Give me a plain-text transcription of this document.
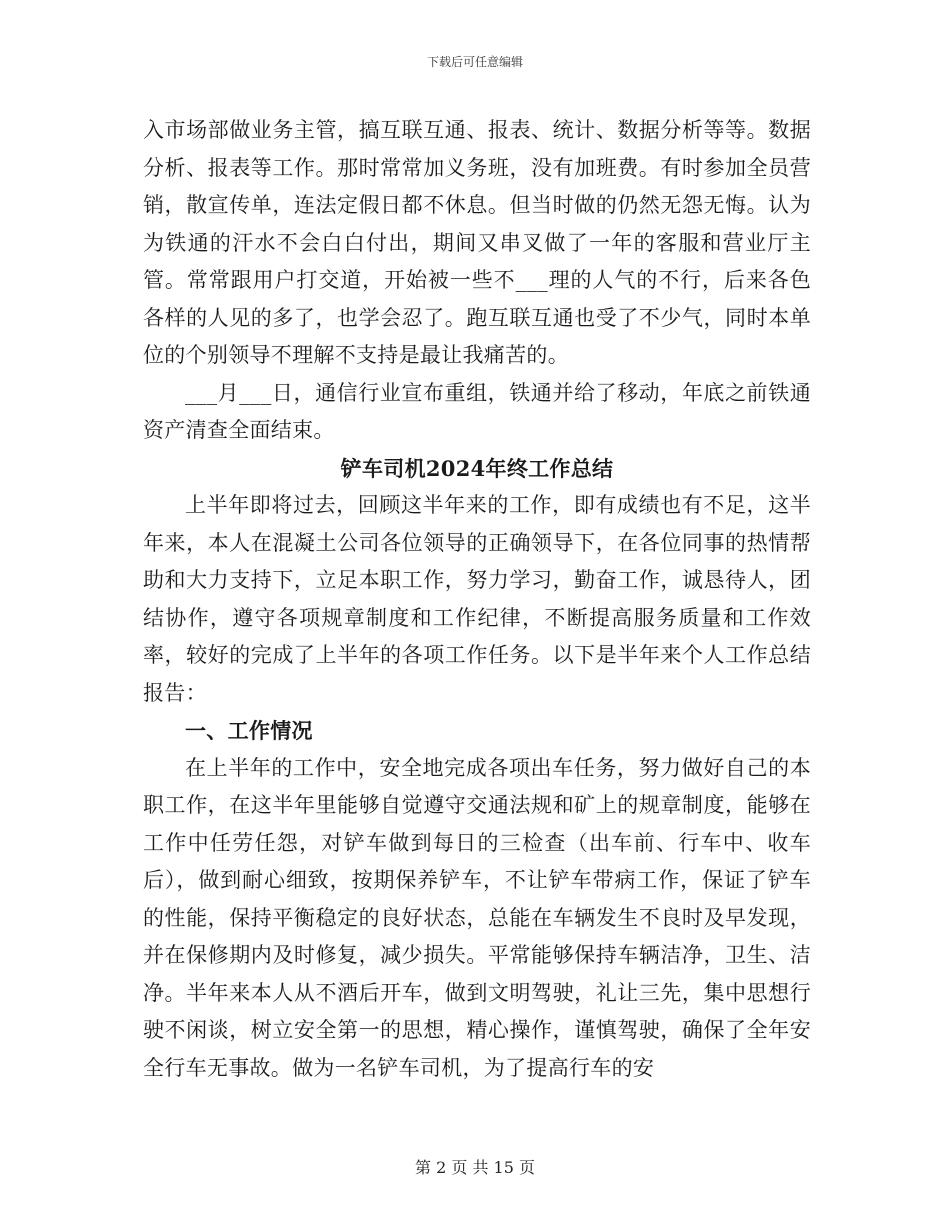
下载后可任意编辑

入市场部做业务主管，搞互联互通、报表、统计、数据分析等等。数据分析、报表等工作。那时常常加义务班，没有加班费。有时参加全员营销，散宣传单，连法定假日都不休息。但当时做的仍然无怨无悔。认为为铁通的汗水不会白白付出，期间又串叉做了一年的客服和营业厅主管。常常跟用户打交道，开始被一些不___理的人气的不行，后来各色各样的人见的多了，也学会忍了。跑互联互通也受了不少气，同时本单位的个别领导不理解不支持是最让我痛苦的。

___月___日，通信行业宣布重组，铁通并给了移动，年底之前铁通资产清查全面结束。

铲车司机2024年终工作总结

上半年即将过去，回顾这半年来的工作，即有成绩也有不足，这半年来，本人在混凝土公司各位领导的正确领导下，在各位同事的热情帮助和大力支持下，立足本职工作，努力学习，勤奋工作，诚恳待人，团结协作，遵守各项规章制度和工作纪律，不断提高服务质量和工作效率，较好的完成了上半年的各项工作任务。以下是半年来个人工作总结报告：

一、工作情况

在上半年的工作中，安全地完成各项出车任务，努力做好自己的本职工作，在这半年里能够自觉遵守交通法规和矿上的规章制度，能够在工作中任劳任怨，对铲车做到每日的三检查（出车前、行车中、收车后），做到耐心细致，按期保养铲车，不让铲车带病工作，保证了铲车的性能，保持平衡稳定的良好状态，总能在车辆发生不良时及早发现，并在保修期内及时修复，减少损失。平常能够保持车辆洁净，卫生、洁净。半年来本人从不酒后开车，做到文明驾驶，礼让三先，集中思想行驶不闲谈，树立安全第一的思想，精心操作，谨慎驾驶，确保了全年安全行车无事故。做为一名铲车司机，为了提高行车的安

第 2 页 共 15 页
